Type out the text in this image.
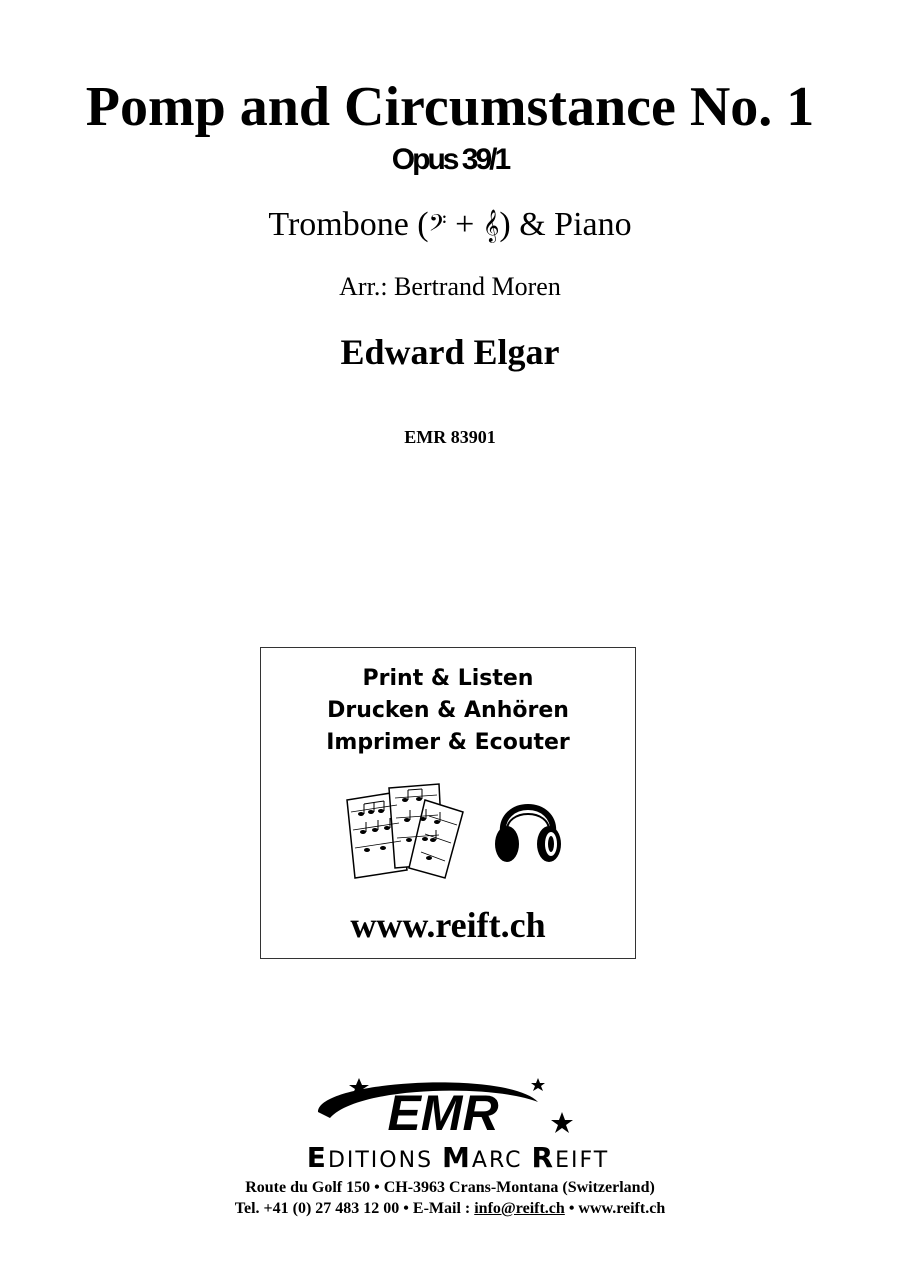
Pomp and Circumstance No. 1
Opus 39/1
Trombone (𝄢 + 𝄞) & Piano
Arr.: Bertrand Moren
Edward Elgar
EMR 83901
Print & Listen
Drucken & Anhören
Imprimer & Ecouter
www.reift.ch
EMR
EDITIONS MARC REIFT
Route du Golf 150 • CH-3963 Crans-Montana (Switzerland)
Tel. +41 (0) 27 483 12 00 • E-Mail : info@reift.ch • www.reift.ch
